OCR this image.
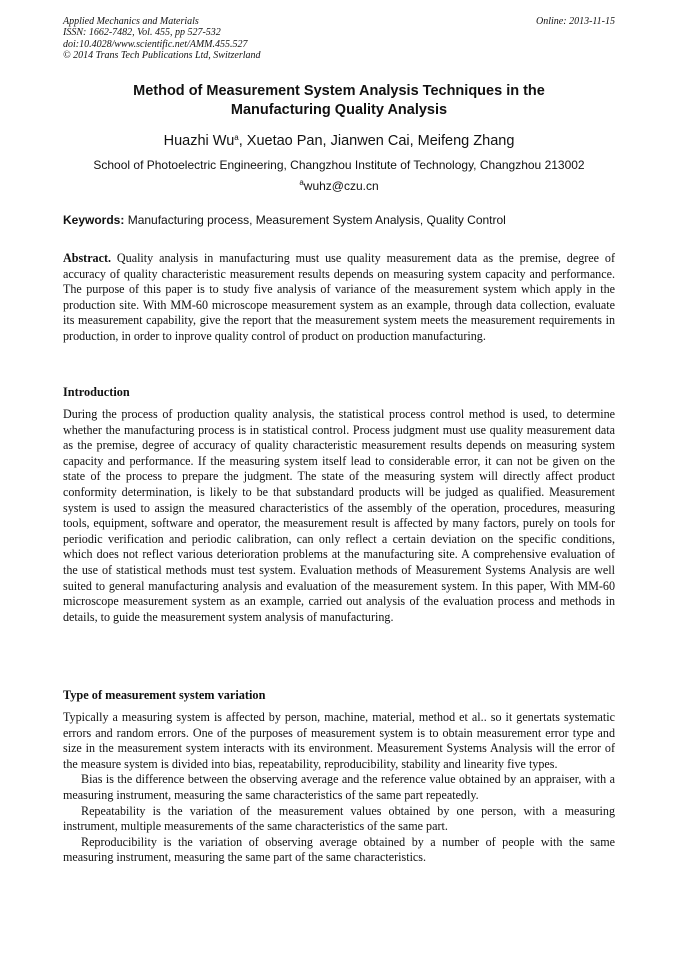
Applied Mechanics and Materials	Online: 2013-11-15
ISSN: 1662-7482, Vol. 455, pp 527-532
doi:10.4028/www.scientific.net/AMM.455.527
© 2014 Trans Tech Publications Ltd, Switzerland
Method of Measurement System Analysis Techniques in the
Manufacturing Quality Analysis
Huazhi Wu$^a$, Xuetao Pan, Jianwen Cai, Meifeng Zhang
School of Photoelectric Engineering, Changzhou Institute of Technology, Changzhou 213002
$^a$wuhz@czu.cn
Keywords: Manufacturing process, Measurement System Analysis, Quality Control

Abstract. Quality analysis in manufacturing must use quality measurement data as the premise, degree of accuracy of quality characteristic measurement results depends on measuring system capacity and performance. The purpose of this paper is to study five analysis of variance of the measurement system which apply in the production site. With MM-60 microscope measurement system as an example, through data collection, evaluate its measurement capability, give the report that the measurement system meets the measurement requirements in production, in order to inprove quality control of product on production manufacturing.

Introduction

During the process of production quality analysis, the statistical process control method is used, to determine whether the manufacturing process is in statistical control. Process judgment must use quality measurement data as the premise, degree of accuracy of quality characteristic measurement results depends on measuring system capacity and performance. If the measuring system itself lead to considerable error, it can not be given on the state of the process to prepare the judgment. The state of the measuring system will directly affect product conformity determination, is likely to be that substandard products will be judged as qualified. Measurement system is used to assign the measured characteristics of the assembly of the operation, procedures, measuring tools, equipment, software and operator, the measurement result is affected by many factors, purely on tools for periodic verification and periodic calibration, can only reflect a certain deviation on the specific conditions, which does not reflect various deterioration problems at the manufacturing site. A comprehensive evaluation of the use of statistical methods must test system. Evaluation methods of Measurement Systems Analysis are well suited to general manufacturing analysis and evaluation of the measurement system. In this paper, With MM-60 microscope measurement system as an example, carried out analysis of the evaluation process and methods in details, to guide the measurement system analysis of manufacturing.

Type of measurement system variation

Typically a measuring system is affected by person, machine, material, method et al.. so it genertats systematic errors and random errors. One of the purposes of measurement system is to obtain measurement error type and size in the measurement system interacts with its environment. Measurement Systems Analysis will the error of the measure system is divided into bias, repeatability, reproducibility, stability and linearity five types.

Bias is the difference between the observing average and the reference value obtained by an appraiser, with a measuring instrument, measuring the same characteristics of the same part repeatedly.

Repeatability is the variation of the measurement values obtained by one person, with a measuring instrument, multiple measurements of the same characteristics of the same part.

Reproducibility is the variation of observing average obtained by a number of people with the same measuring instrument, measuring the same part of the same characteristics.
